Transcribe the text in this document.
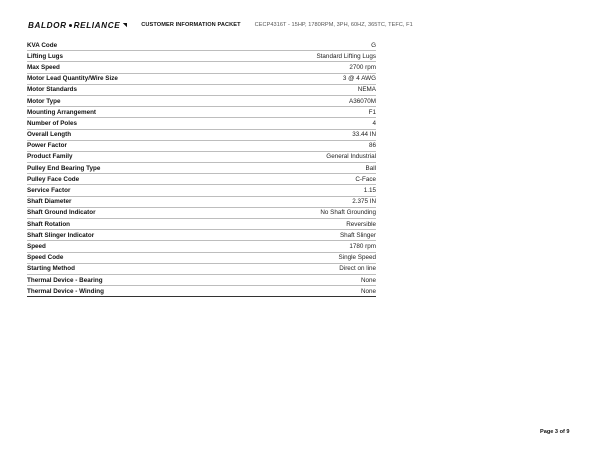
BALDOR RELIANCE	CUSTOMER INFORMATION PACKET	CECP4316T - 15HP, 1780RPM, 3PH, 60HZ, 365TC, TEFC, F1
KVA Code	G
Lifting Lugs	Standard Lifting Lugs
Max Speed	2700 rpm
Motor Lead Quantity/Wire Size	3 @ 4 AWG
Motor Standards	NEMA
Motor Type	A36070M
Mounting Arrangement	F1
Number of Poles	4
Overall Length	33.44 IN
Power Factor	86
Product Family	General Industrial
Pulley End Bearing Type	Ball
Pulley Face Code	C-Face
Service Factor	1.15
Shaft Diameter	2.375 IN
Shaft Ground Indicator	No Shaft Grounding
Shaft Rotation	Reversible
Shaft Slinger Indicator	Shaft Slinger
Speed	1780 rpm
Speed Code	Single Speed
Starting Method	Direct on line
Thermal Device - Bearing	None
Thermal Device - Winding	None
Page 3 of 9
